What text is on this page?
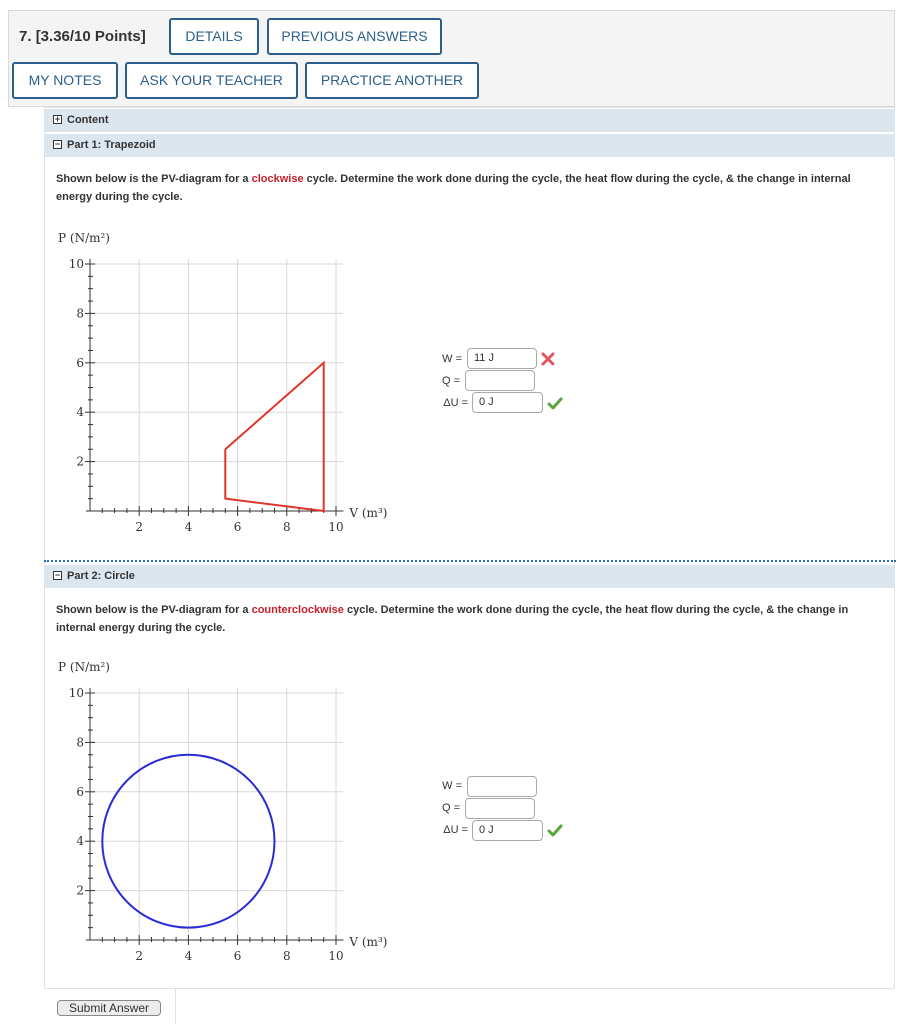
7. [3.36/10 Points]	DETAILS	PREVIOUS ANSWERS
MY NOTES	ASK YOUR TEACHER	PRACTICE ANOTHER
+ Content
− Part 1: Trapezoid
Shown below is the PV-diagram for a clockwise cycle. Determine the work done during the cycle, the heat flow during the cycle, & the change in internal energy during the cycle.
2	4	6	8	10
2
4
6
8
10
P (N/m²)
V (m³)
W =	11 J
Q =
ΔU =	0 J
− Part 2: Circle
Shown below is the PV-diagram for a counterclockwise cycle. Determine the work done during the cycle, the heat flow during the cycle, & the change in internal energy during the cycle.
2	4	6	8	10
2
4
6
8
10
P (N/m²)
V (m³)
W =
Q =
ΔU =	0 J
Submit Answer
